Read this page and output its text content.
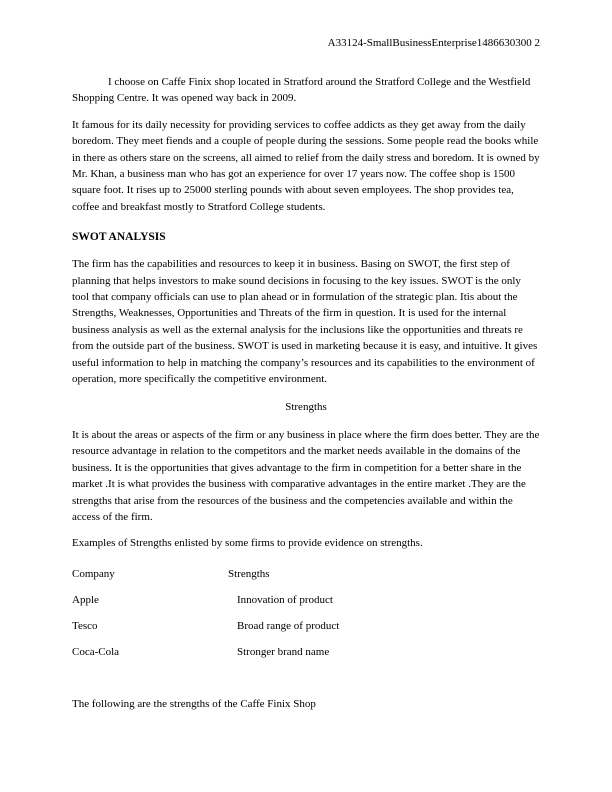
A33124-SmallBusinessEnterprise1486630300 2

I choose on Caffe Finix shop located in Stratford around the Stratford College and the Westfield Shopping Centre. It was opened way back in 2009.

It famous for its daily necessity for providing services to coffee addicts as they get away from the daily boredom. They meet fiends and a couple of people during the sessions. Some people read the books while in there as others stare on the screens, all aimed to relief from the daily stress and boredom. It is owned by Mr. Khan, a business man who has got an experience for over 17 years now. The coffee shop is 1500 square foot. It rises up to 25000 sterling pounds with about seven employees. The shop provides tea, coffee and breakfast mostly to Stratford College students.

SWOT ANALYSIS

The firm has the capabilities and resources to keep it in business. Basing on SWOT, the first step of planning that helps investors to make sound decisions in focusing to the key issues. SWOT is the only tool that company officials can use to plan ahead or in formulation of the strategic plan. Itis about the Strengths, Weaknesses, Opportunities and Threats of the firm in question. It is used for the internal business analysis as well as the external analysis for the inclusions like the opportunities and threats re from the outside part of the business. SWOT is used in marketing because it is easy, and intuitive. It gives useful information to help in matching the company’s resources and its capabilities to the environment of operation, more specifically the competitive environment.

Strengths

It is about the areas or aspects of the firm or any business in place where the firm does better. They are the resource advantage in relation to the competitors and the market needs available in the domains of the business. It is the opportunities that gives advantage to the firm in competition for a better share in the market .It is what provides the business with comparative advantages in the entire market .They are the strengths that arise from the resources of the business and the competencies available and within the access of the firm.

Examples of Strengths enlisted by some firms to provide evidence on strengths.

Company	Strengths
Apple	Innovation of product
Tesco	Broad range of product
Coca-Cola	Stronger brand name

The following are the strengths of the Caffe Finix Shop
